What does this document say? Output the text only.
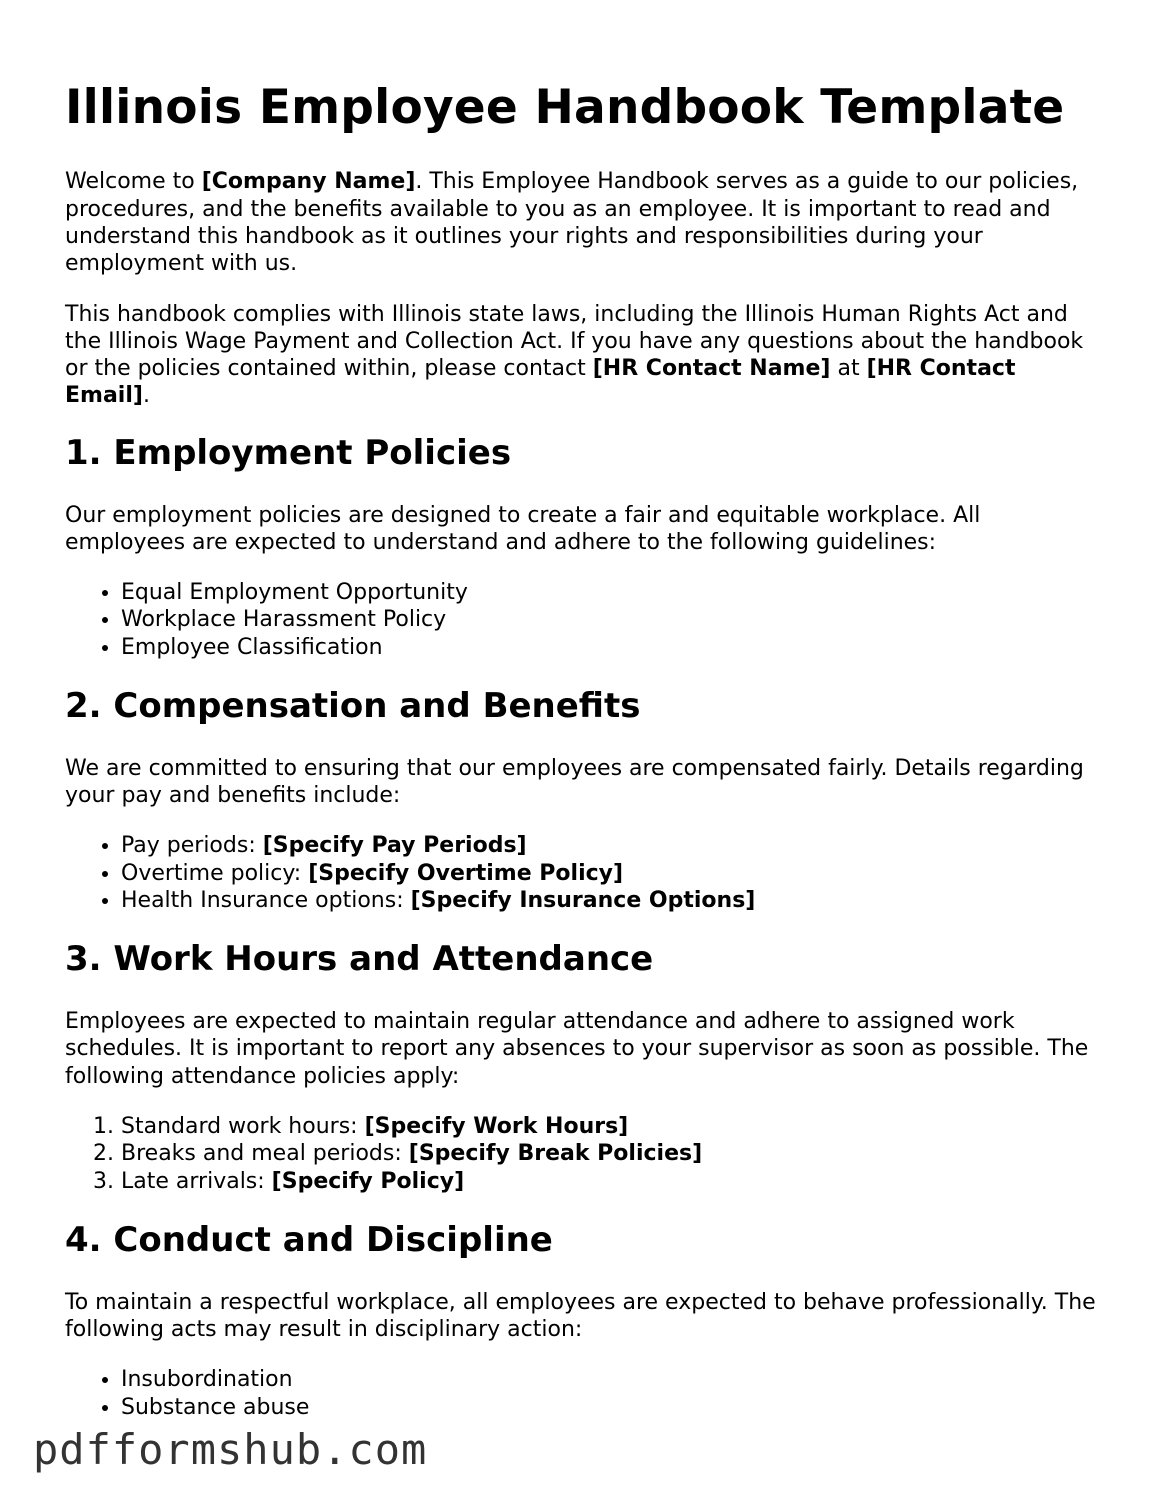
Illinois Employee Handbook Template

Welcome to [Company Name]. This Employee Handbook serves as a guide to our policies, procedures, and the benefits available to you as an employee. It is important to read and understand this handbook as it outlines your rights and responsibilities during your employment with us.

This handbook complies with Illinois state laws, including the Illinois Human Rights Act and the Illinois Wage Payment and Collection Act. If you have any questions about the handbook or the policies contained within, please contact [HR Contact Name] at [HR Contact Email].

1. Employment Policies

Our employment policies are designed to create a fair and equitable workplace. All employees are expected to understand and adhere to the following guidelines:

• Equal Employment Opportunity
• Workplace Harassment Policy
• Employee Classification
2. Compensation and Benefits

We are committed to ensuring that our employees are compensated fairly. Details regarding your pay and benefits include:

• Pay periods: [Specify Pay Periods]
• Overtime policy: [Specify Overtime Policy]
• Health Insurance options: [Specify Insurance Options]
3. Work Hours and Attendance

Employees are expected to maintain regular attendance and adhere to assigned work schedules. It is important to report any absences to your supervisor as soon as possible. The following attendance policies apply:

1. Standard work hours: [Specify Work Hours]
2. Breaks and meal periods: [Specify Break Policies]
3. Late arrivals: [Specify Policy]
4. Conduct and Discipline

To maintain a respectful workplace, all employees are expected to behave professionally. The following acts may result in disciplinary action:

• Insubordination
• Substance abuse
pdfformshub.com
